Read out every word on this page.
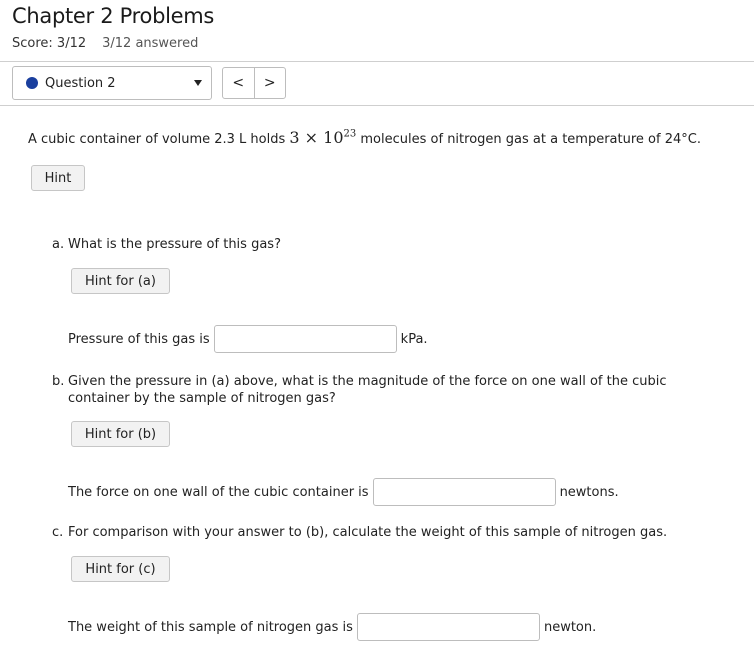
Chapter 2 Problems
Score: 3/12 3/12 answered
Question 2	<	>
A cubic container of volume 2.3 L holds $3 \times 10^{23}$ molecules of nitrogen gas at a temperature of 24°C.
Hint
a. What is the pressure of this gas?
Hint for (a)
Pressure of this gas is	kPa.
b. Given the pressure in (a) above, what is the magnitude of the force on one wall of the cubic
container by the sample of nitrogen gas?
Hint for (b)
The force on one wall of the cubic container is	newtons.
c. For comparison with your answer to (b), calculate the weight of this sample of nitrogen gas.
Hint for (c)
The weight of this sample of nitrogen gas is	newton.
